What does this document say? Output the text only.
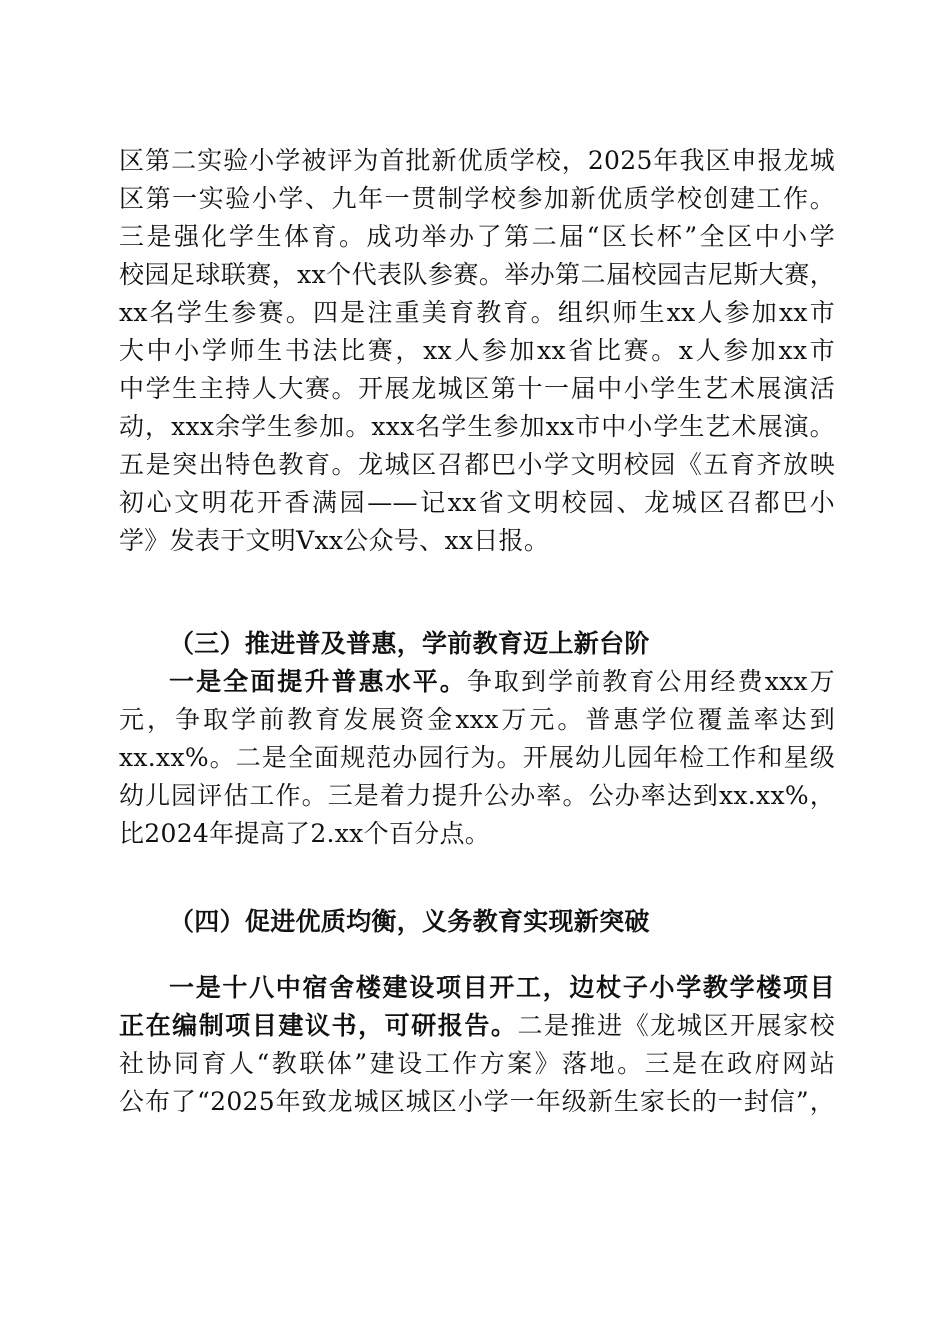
区第二实验小学被评为首批新优质学校，2025年我区申报龙城
区第一实验小学、九年一贯制学校参加新优质学校创建工作。
三是强化学生体育。成功举办了第二届“区长杯”全区中小学
校园足球联赛，xx个代表队参赛。举办第二届校园吉尼斯大赛，
xx名学生参赛。四是注重美育教育。组织师生xx人参加xx市
大中小学师生书法比赛，xx人参加xx省比赛。x人参加xx市
中学生主持人大赛。开展龙城区第十一届中小学生艺术展演活
动，xxx余学生参加。xxx名学生参加xx市中小学生艺术展演。
五是突出特色教育。龙城区召都巴小学文明校园《五育齐放映
初心文明花开香满园——记xx省文明校园、龙城区召都巴小
学》发表于文明Vxx公众号、xx日报。
（三）推进普及普惠，学前教育迈上新台阶
一是全面提升普惠水平。争取到学前教育公用经费xxx万
元，争取学前教育发展资金xxx万元。普惠学位覆盖率达到
xx.xx%。二是全面规范办园行为。开展幼儿园年检工作和星级
幼儿园评估工作。三是着力提升公办率。公办率达到xx.xx%，
比2024年提高了2.xx个百分点。
（四）促进优质均衡，义务教育实现新突破
一是十八中宿舍楼建设项目开工，边杖子小学教学楼项目
正在编制项目建议书，可研报告。二是推进《龙城区开展家校
社协同育人“教联体”建设工作方案》落地。三是在政府网站
公布了“2025年致龙城区城区小学一年级新生家长的一封信”，
